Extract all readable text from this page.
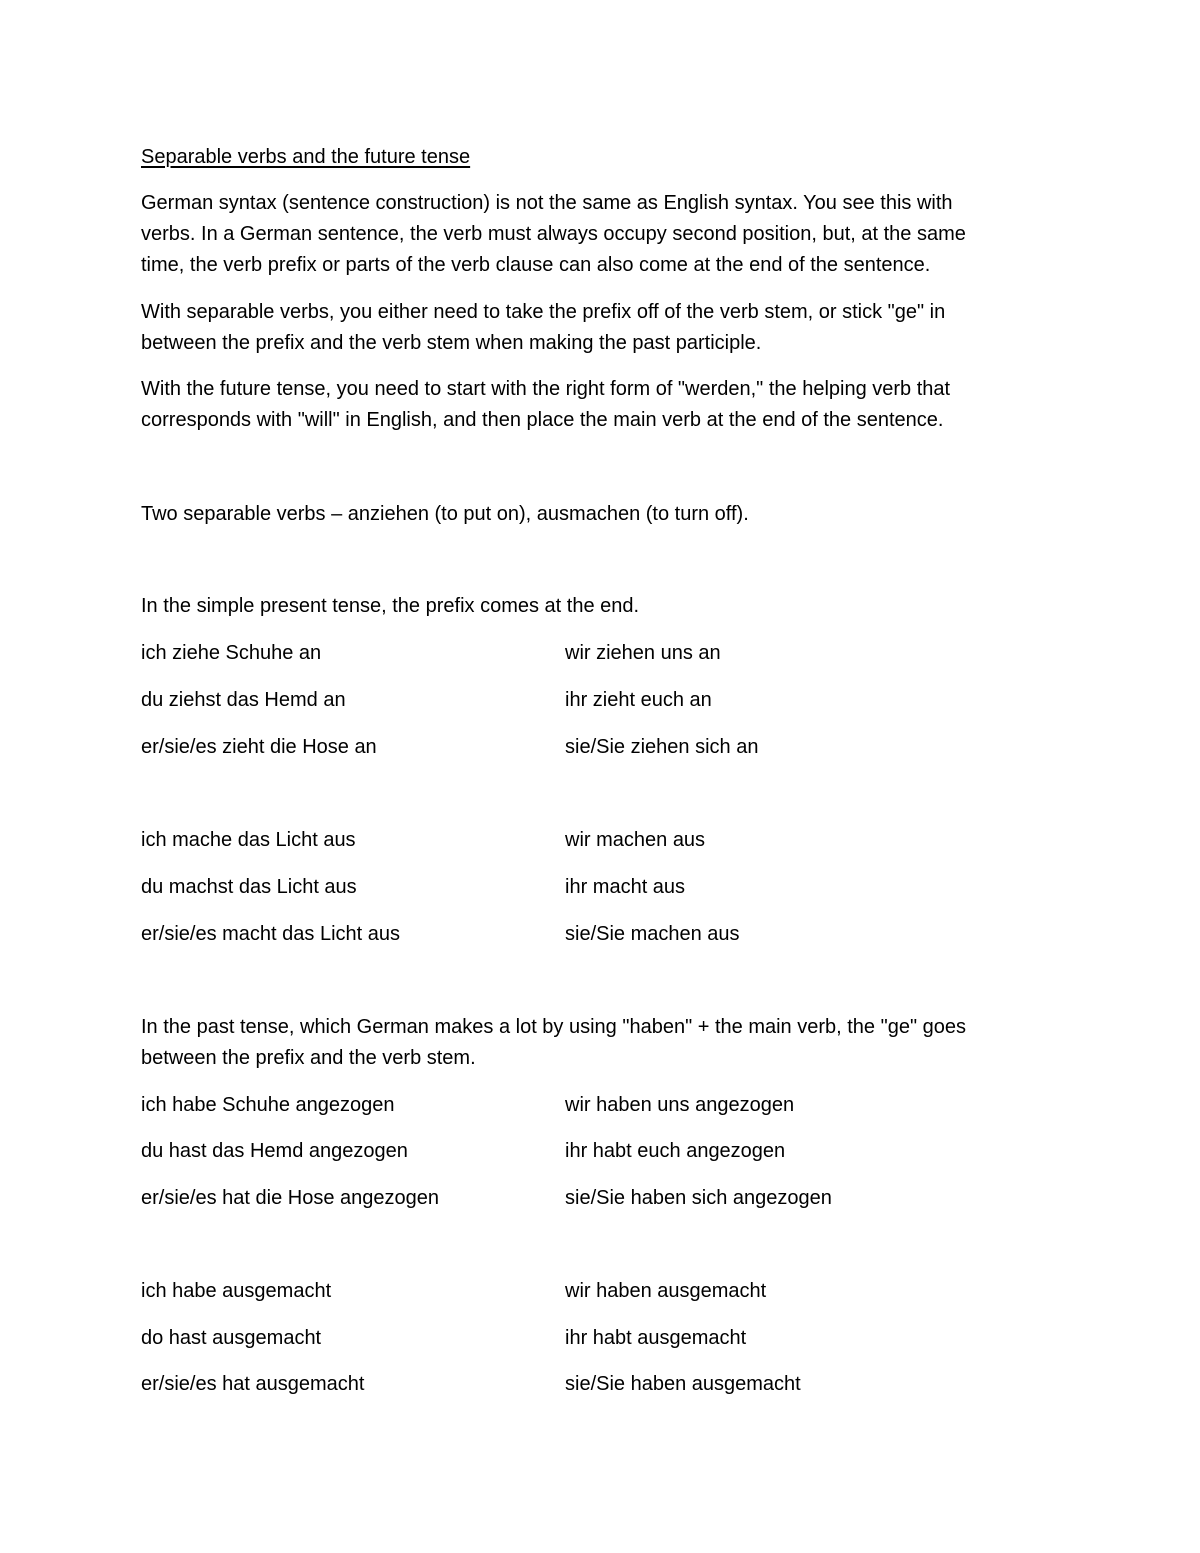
Separable verbs and the future tense
German syntax (sentence construction) is not the same as English syntax. You see this with
verbs. In a German sentence, the verb must always occupy second position, but, at the same
time, the verb prefix or parts of the verb clause can also come at the end of the sentence.
With separable verbs, you either need to take the prefix off of the verb stem, or stick "ge" in
between the prefix and the verb stem when making the past participle.
With the future tense, you need to start with the right form of "werden," the helping verb that
corresponds with "will" in English, and then place the main verb at the end of the sentence.
Two separable verbs – anziehen (to put on), ausmachen (to turn off).
In the simple present tense, the prefix comes at the end.
ich ziehe Schuhe an	wir ziehen uns an
du ziehst das Hemd an	ihr zieht euch an
er/sie/es zieht die Hose an	sie/Sie ziehen sich an
ich mache das Licht aus	wir machen aus
du machst das Licht aus	ihr macht aus
er/sie/es macht das Licht aus	sie/Sie machen aus
In the past tense, which German makes a lot by using "haben" + the main verb, the "ge" goes
between the prefix and the verb stem.
ich habe Schuhe angezogen	wir haben uns angezogen
du hast das Hemd angezogen	ihr habt euch angezogen
er/sie/es hat die Hose angezogen	sie/Sie haben sich angezogen
ich habe ausgemacht	wir haben ausgemacht
do hast ausgemacht	ihr habt ausgemacht
er/sie/es hat ausgemacht	sie/Sie haben ausgemacht
